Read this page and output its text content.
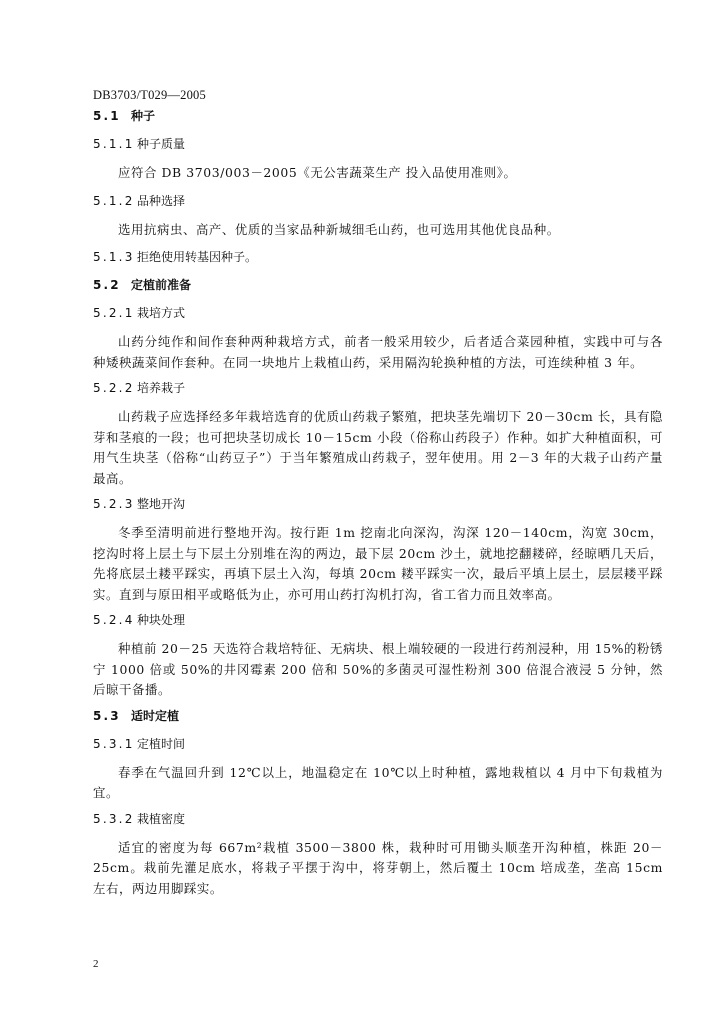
DB3703/T029—2005
5.1 种子
5.1.1 种子质量

应符合 DB 3703/003－2005《无公害蔬菜生产 投入品使用准则》。

5.1.2 品种选择

选用抗病虫、高产、优质的当家品种新城细毛山药，也可选用其他优良品种。

5.1.3 拒绝使用转基因种子。
5.2 定植前准备
5.2.1 栽培方式

山药分纯作和间作套种两种栽培方式，前者一般采用较少，后者适合菜园种植，实践中可与各种矮秧蔬菜间作套种。在同一块地片上栽植山药，采用隔沟轮换种植的方法，可连续种植 3 年。

5.2.2 培养栽子

山药栽子应选择经多年栽培选育的优质山药栽子繁殖，把块茎先端切下 20－30cm 长，具有隐芽和茎痕的一段；也可把块茎切成长 10－15cm 小段（俗称山药段子）作种。如扩大种植面积，可用气生块茎（俗称“山药豆子”）于当年繁殖成山药栽子，翌年使用。用 2－3 年的大栽子山药产量最高。

5.2.3 整地开沟

冬季至清明前进行整地开沟。按行距 1m 挖南北向深沟，沟深 120－140cm，沟宽 30cm，挖沟时将上层土与下层土分别堆在沟的两边，最下层 20cm 沙土，就地挖翻耧碎，经晾晒几天后，先将底层土耧平踩实，再填下层土入沟，每填 20cm 耧平踩实一次，最后平填上层土，层层耧平踩实。直到与原田相平或略低为止，亦可用山药打沟机打沟，省工省力而且效率高。

5.2.4 种块处理

种植前 20－25 天选符合栽培特征、无病块、根上端较硬的一段进行药剂浸种，用 15%的粉锈宁 1000 倍或 50%的井冈霉素 200 倍和 50%的多菌灵可湿性粉剂 300 倍混合液浸 5 分钟，然后晾干备播。

5.3 适时定植
5.3.1 定植时间

春季在气温回升到 12℃以上，地温稳定在 10℃以上时种植，露地栽植以 4 月中下旬栽植为宜。

5.3.2 栽植密度

适宜的密度为每 667m²栽植 3500－3800 株，栽种时可用锄头顺垄开沟种植，株距 20－25cm。栽前先灌足底水，将栽子平摆于沟中，将芽朝上，然后覆土 10cm 培成垄，垄高 15cm 左右，两边用脚踩实。

2
